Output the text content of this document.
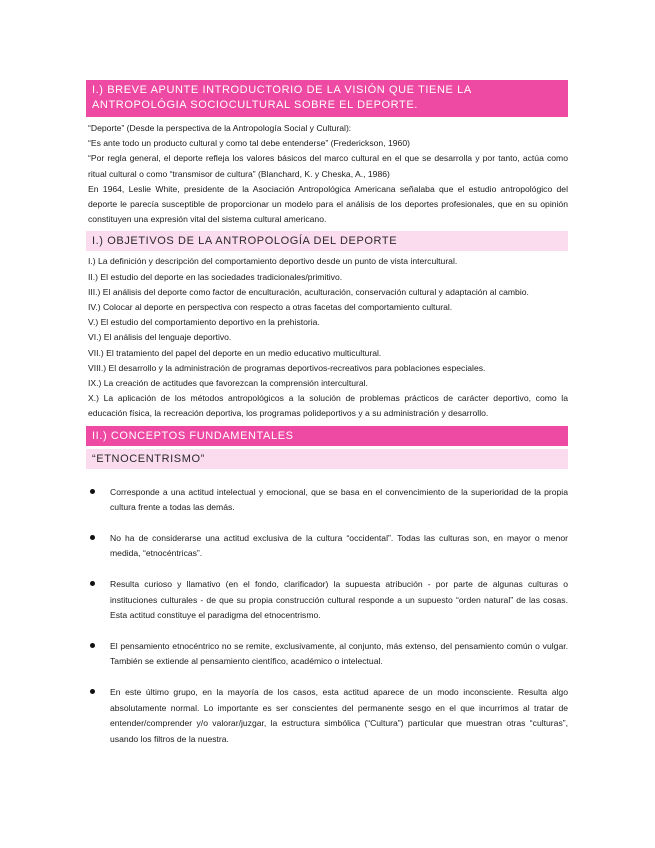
I.) BREVE APUNTE INTRODUCTORIO DE LA VISIÓN QUE TIENE LA ANTROPOLÓGIA SOCIOCULTURAL SOBRE EL DEPORTE.

“Deporte” (Desde la perspectiva de la Antropología Social y Cultural):

“Es ante todo un producto cultural y como tal debe entenderse” (Frederickson, 1960)

“Por regla general, el deporte refleja los valores básicos del marco cultural en el que se desarrolla y por tanto, actúa como ritual cultural o como “transmisor de cultura” (Blanchard, K. y Cheska, A., 1986)

En 1964, Leslie White, presidente de la Asociación Antropológica Americana señalaba que el estudio antropológico del deporte le parecía susceptible de proporcionar un modelo para el análisis de los deportes profesionales, que en su opinión constituyen una expresión vital del sistema cultural americano.

I.) OBJETIVOS DE LA ANTROPOLOGÍA DEL DEPORTE

I.) La definición y descripción del comportamiento deportivo desde un punto de vista intercultural.

II.) El estudio del deporte en las sociedades tradicionales/primitivo.

III.) El análisis del deporte como factor de enculturación, aculturación, conservación cultural y adaptación al cambio.

IV.) Colocar al deporte en perspectiva con respecto a otras facetas del comportamiento cultural.

V.) El estudio del comportamiento deportivo en la prehistoria.

VI.) El análisis del lenguaje deportivo.

VII.) El tratamiento del papel del deporte en un medio educativo multicultural.

VIII.) El desarrollo y la administración de programas deportivos-recreativos para poblaciones especiales.

IX.) La creación de actitudes que favorezcan la comprensión intercultural.

X.) La aplicación de los métodos antropológicos a la solución de problemas prácticos de carácter deportivo, como la educación física, la recreación deportiva, los programas polideportivos y a su administración y desarrollo.

II.) CONCEPTOS FUNDAMENTALES
“ETNOCENTRISMO”

Corresponde a una actitud intelectual y emocional, que se basa en el convencimiento de la superioridad de la propia cultura frente a todas las demás.

No ha de considerarse una actitud exclusiva de la cultura “occidental”. Todas las culturas son, en mayor o menor medida, “etnocéntricas”.

Resulta curioso y llamativo (en el fondo, clarificador) la supuesta atribución - por parte de algunas culturas o instituciones culturales - de que su propia construcción cultural responde a un supuesto “orden natural” de las cosas. Esta actitud constituye el paradigma del etnocentrismo.

El pensamiento etnocéntrico no se remite, exclusivamente, al conjunto, más extenso, del pensamiento común o vulgar. También se extiende al pensamiento científico, académico o intelectual.

En este último grupo, en la mayoría de los casos, esta actitud aparece de un modo inconsciente. Resulta algo absolutamente normal. Lo importante es ser conscientes del permanente sesgo en el que incurrimos al tratar de entender/comprender y/o valorar/juzgar, la estructura simbólica (“Cultura”) particular que muestran otras “culturas”, usando los filtros de la nuestra.
